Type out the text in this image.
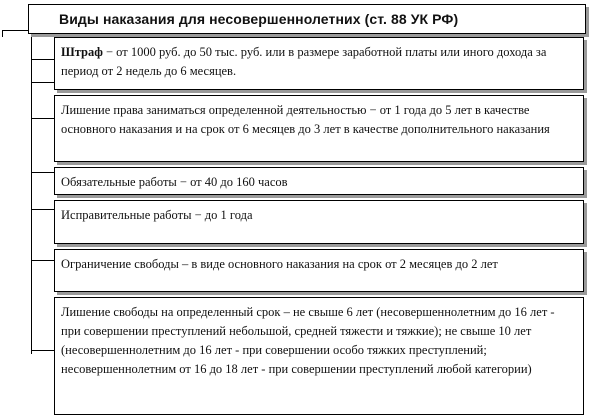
Виды наказания для несовершеннолетних (ст. 88 УК РФ)
Штраф − от 1000 руб. до 50 тыс. руб. или в размере заработной платы или иного дохода за период от 2 недель до 6 месяцев.
Лишение права заниматься определенной деятельностью − от 1 года до 5 лет в качестве основного наказания и на срок от 6 месяцев до 3 лет в качестве дополнительного наказания
Обязательные работы − от 40 до 160 часов
Исправительные работы − до 1 года
Ограничение свободы – в виде основного наказания на срок от 2 месяцев до 2 лет
Лишение свободы на определенный срок – не свыше 6 лет (несовершеннолетним до 16 лет - при совершении преступлений небольшой, средней тяжести и тяжкие); не свыше 10 лет (несовершеннолетним до 16 лет - при совершении особо тяжких преступлений; несовершеннолетним от 16 до 18 лет - при совершении преступлений любой категории)
